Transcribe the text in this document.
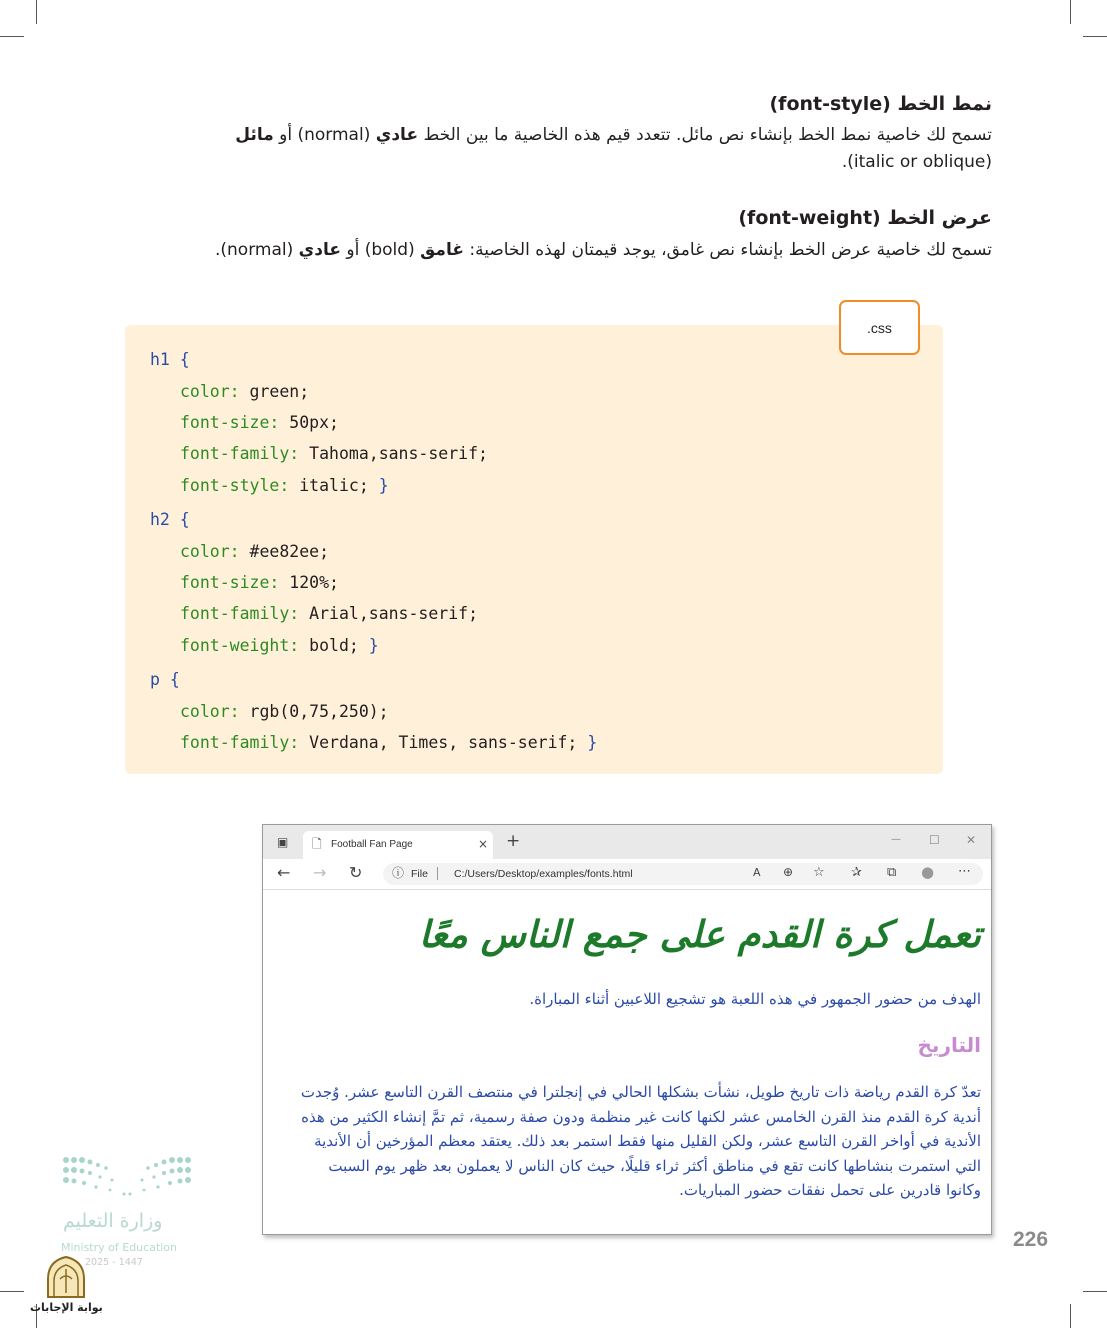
نمط الخط (font-style)
تسمح لك خاصية نمط الخط بإنشاء نص مائل. تتعدد قيم هذه الخاصية ما بين الخط عادي (normal) أو مائل
(italic or oblique).
عرض الخط (font-weight)
تسمح لك خاصية عرض الخط بإنشاء نص غامق، يوجد قيمتان لهذه الخاصية: غامق (bold) أو عادي (normal).
.css
h1 {
color: green;
font-size: 50px;
font-family: Tahoma,sans-serif;
font-style: italic; }
h2 {
color: #ee82ee;
font-size: 120%;
font-family: Arial,sans-serif;
font-weight: bold; }
p {
color: rgb(0,75,250);
font-family: Verdana, Times, sans-serif; }
▣ 🗋 Football Fan Page	× +	— ☐ ✕
← → ↻ ⓘ File C:/Users/Desktop/examples/fonts.html	A ⊕ ☆ ✰ ⧉ ● ⋯
تعمل كرة القدم على جمع الناس معًا
الهدف من حضور الجمهور في هذه اللعبة هو تشجيع اللاعبين أثناء المباراة.
التاريخ
تعدّ كرة القدم رياضة ذات تاريخ طويل، نشأت بشكلها الحالي في إنجلترا في منتصف القرن التاسع عشر. وُجدت أندية كرة القدم منذ القرن الخامس عشر لكنها كانت غير منظمة ودون صفة رسمية، ثم تمَّ إنشاء الكثير من هذه الأندية في أواخر القرن التاسع عشر، ولكن القليل منها فقط استمر بعد ذلك. يعتقد معظم المؤرخين أن الأندية التي استمرت بنشاطها كانت تقع في مناطق أكثر ثراء قليلًا، حيث كان الناس لا يعملون بعد ظهر يوم السبت وكانوا قادرين على تحمل نفقات حضور المباريات.
226
وزارة التعليم
Ministry of Education
2025 - 1447
بوابة الإجابات
